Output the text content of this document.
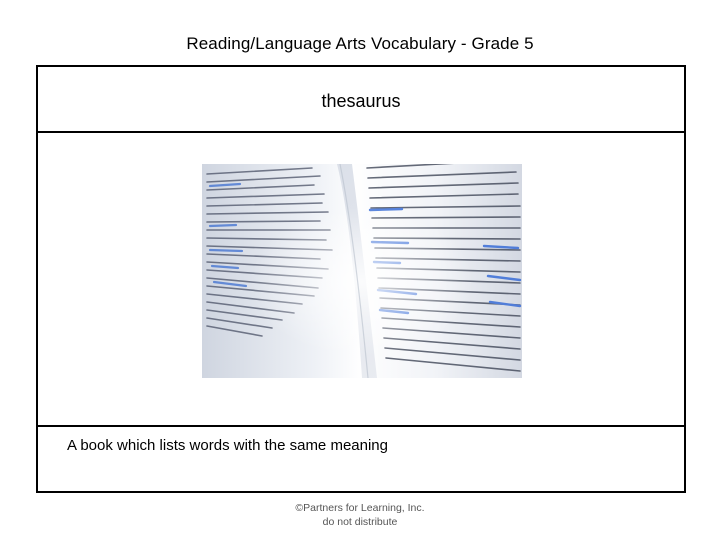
Reading/Language Arts Vocabulary - Grade 5
thesaurus
A book which lists words with the same meaning
©Partners for Learning, Inc.
do not distribute
